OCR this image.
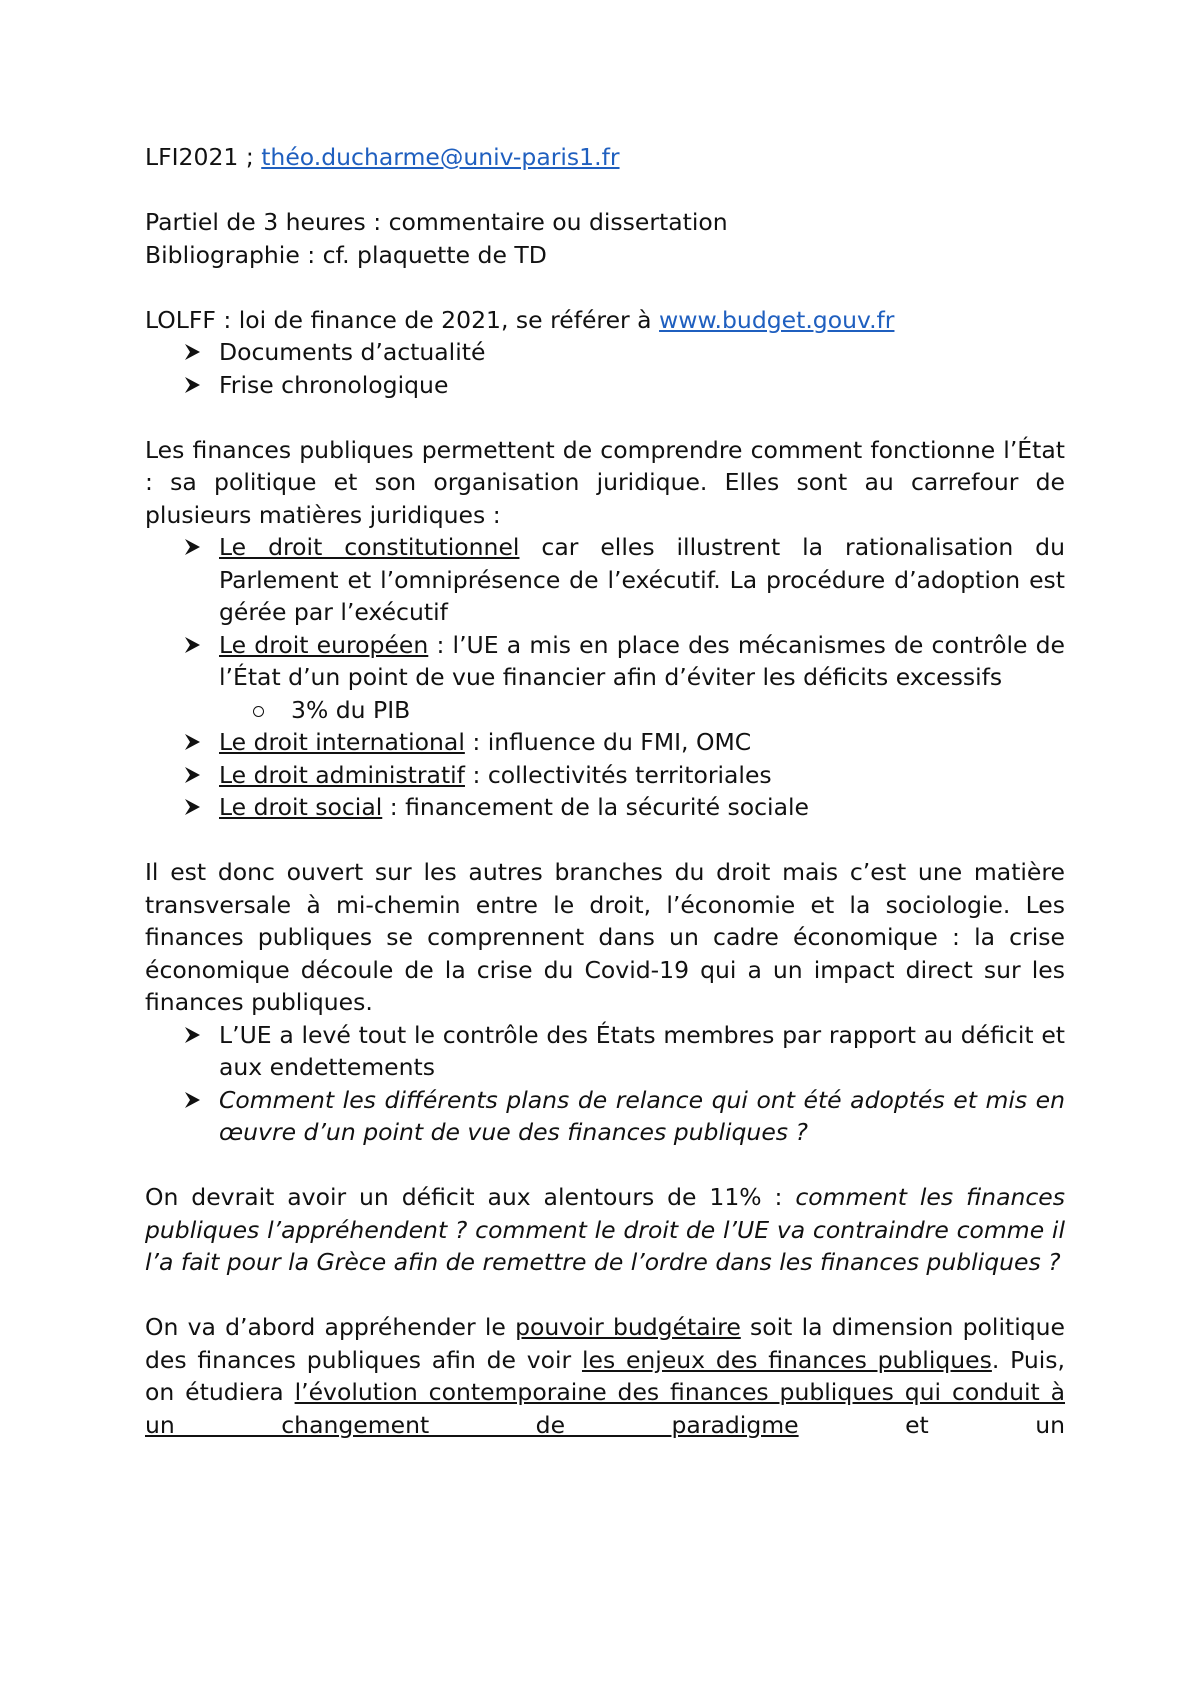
LFI2021 ; théo.ducharme@univ-paris1.fr

Partiel de 3 heures : commentaire ou dissertation

Bibliographie : cf. plaquette de TD

LOLFF : loi de finance de 2021, se référer à www.budget.gouv.fr

Documents d’actualité
Frise chronologique

Les finances publiques permettent de comprendre comment fonctionne l’État : sa politique et son organisation juridique. Elles sont au carrefour de plusieurs matières juridiques :

Le droit constitutionnel car elles illustrent la rationalisation du Parlement et l’omniprésence de l’exécutif. La procédure d’adoption est gérée par l’exécutif
Le droit européen : l’UE a mis en place des mécanismes de contrôle de l’État d’un point de vue financier afin d’éviter les déficits excessifs
3% du PIB
Le droit international : influence du FMI, OMC
Le droit administratif : collectivités territoriales
Le droit social : financement de la sécurité sociale

Il est donc ouvert sur les autres branches du droit mais c’est une matière transversale à mi-chemin entre le droit, l’économie et la sociologie. Les finances publiques se comprennent dans un cadre économique : la crise économique découle de la crise du Covid-19 qui a un impact direct sur les finances publiques.

L’UE a levé tout le contrôle des États membres par rapport au déficit et aux endettements
Comment les différents plans de relance qui ont été adoptés et mis en œuvre d’un point de vue des finances publiques ?

On devrait avoir un déficit aux alentours de 11% : comment les finances publiques l’appréhendent ? comment le droit de l’UE va contraindre comme il l’a fait pour la Grèce afin de remettre de l’ordre dans les finances publiques ?

On va d’abord appréhender le pouvoir budgétaire soit la dimension politique des finances publiques afin de voir les enjeux des finances publiques. Puis, on étudiera l’évolution contemporaine des finances publiques qui conduit à un changement de paradigme et un
